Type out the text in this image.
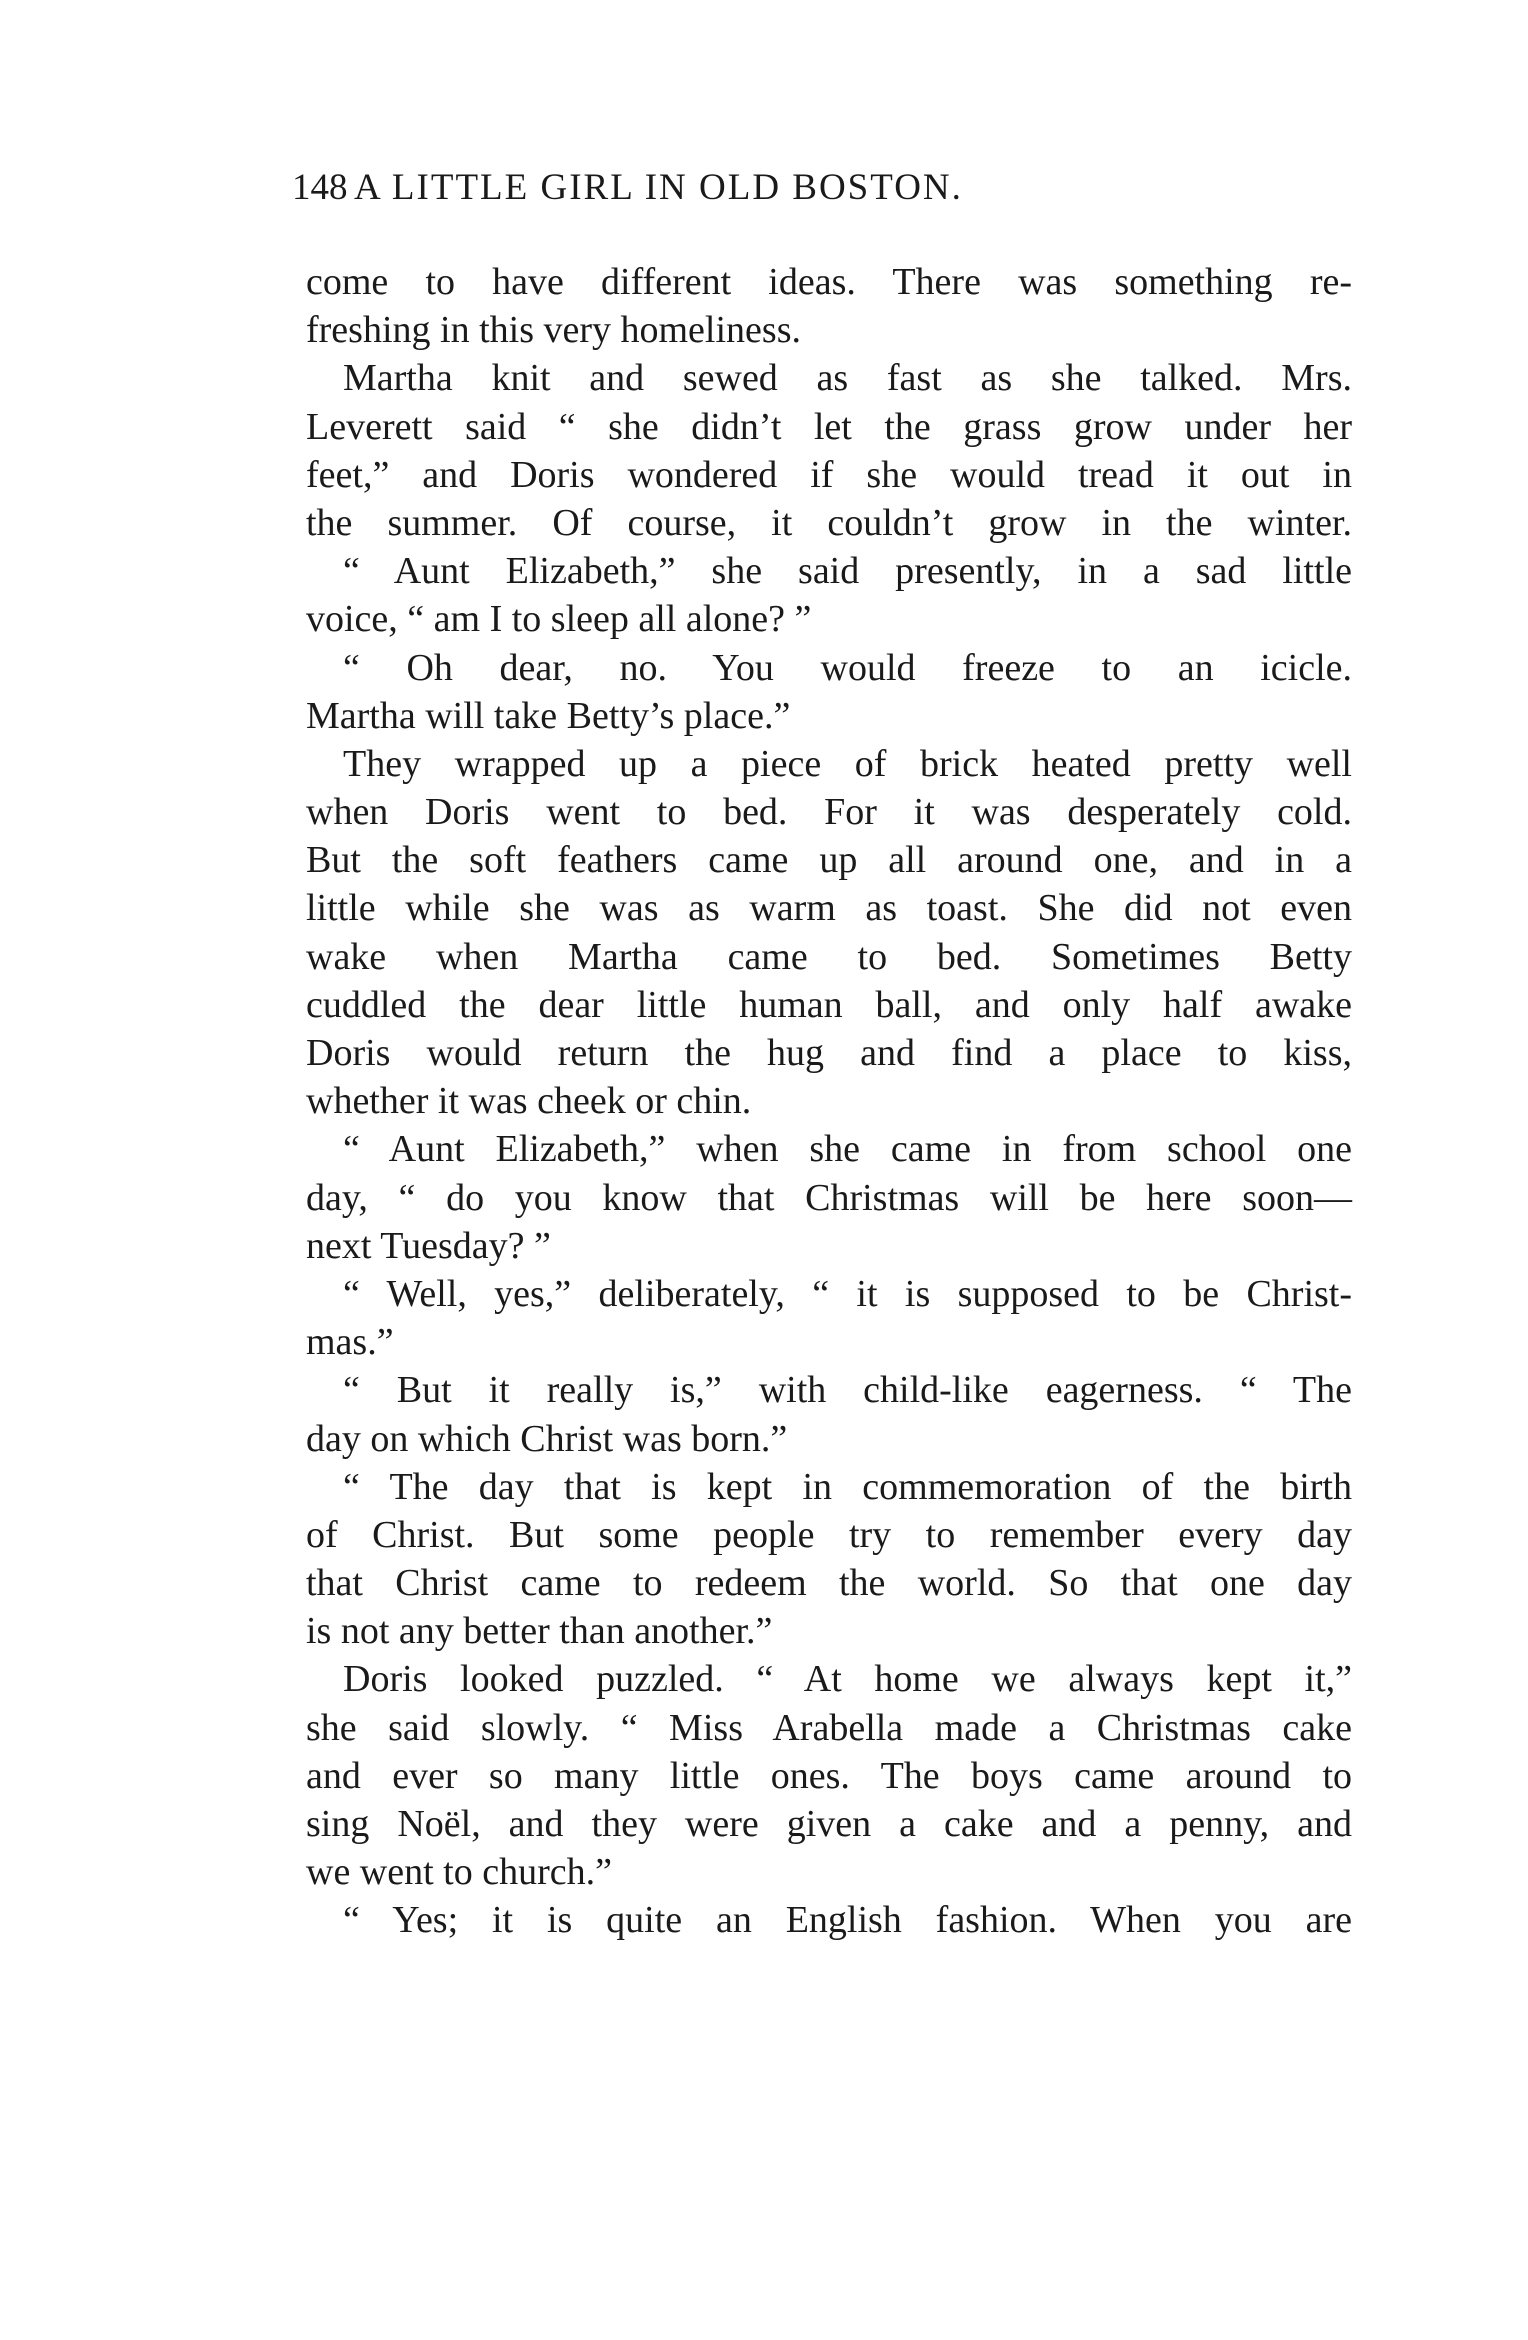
148 A LITTLE GIRL IN OLD BOSTON.
come to have different ideas. There was something re-
freshing in this very homeliness.
Martha knit and sewed as fast as she talked. Mrs.
Leverett said “ she didn’t let the grass grow under her
feet,” and Doris wondered if she would tread it out in
the summer. Of course, it couldn’t grow in the winter.
“ Aunt Elizabeth,” she said presently, in a sad little
voice, “ am I to sleep all alone? ”
“ Oh dear, no. You would freeze to an icicle.
Martha will take Betty’s place.”
They wrapped up a piece of brick heated pretty well
when Doris went to bed. For it was desperately cold.
But the soft feathers came up all around one, and in a
little while she was as warm as toast. She did not even
wake when Martha came to bed. Sometimes Betty
cuddled the dear little human ball, and only half awake
Doris would return the hug and find a place to kiss,
whether it was cheek or chin.
“ Aunt Elizabeth,” when she came in from school one
day, “ do you know that Christmas will be here soon—
next Tuesday? ”
“ Well, yes,” deliberately, “ it is supposed to be Christ-
mas.”
“ But it really is,” with child-like eagerness. “ The
day on which Christ was born.”
“ The day that is kept in commemoration of the birth
of Christ. But some people try to remember every day
that Christ came to redeem the world. So that one day
is not any better than another.”
Doris looked puzzled. “ At home we always kept it,”
she said slowly. “ Miss Arabella made a Christmas cake
and ever so many little ones. The boys came around to
sing Noël, and they were given a cake and a penny, and
we went to church.”
“ Yes; it is quite an English fashion. When you are
